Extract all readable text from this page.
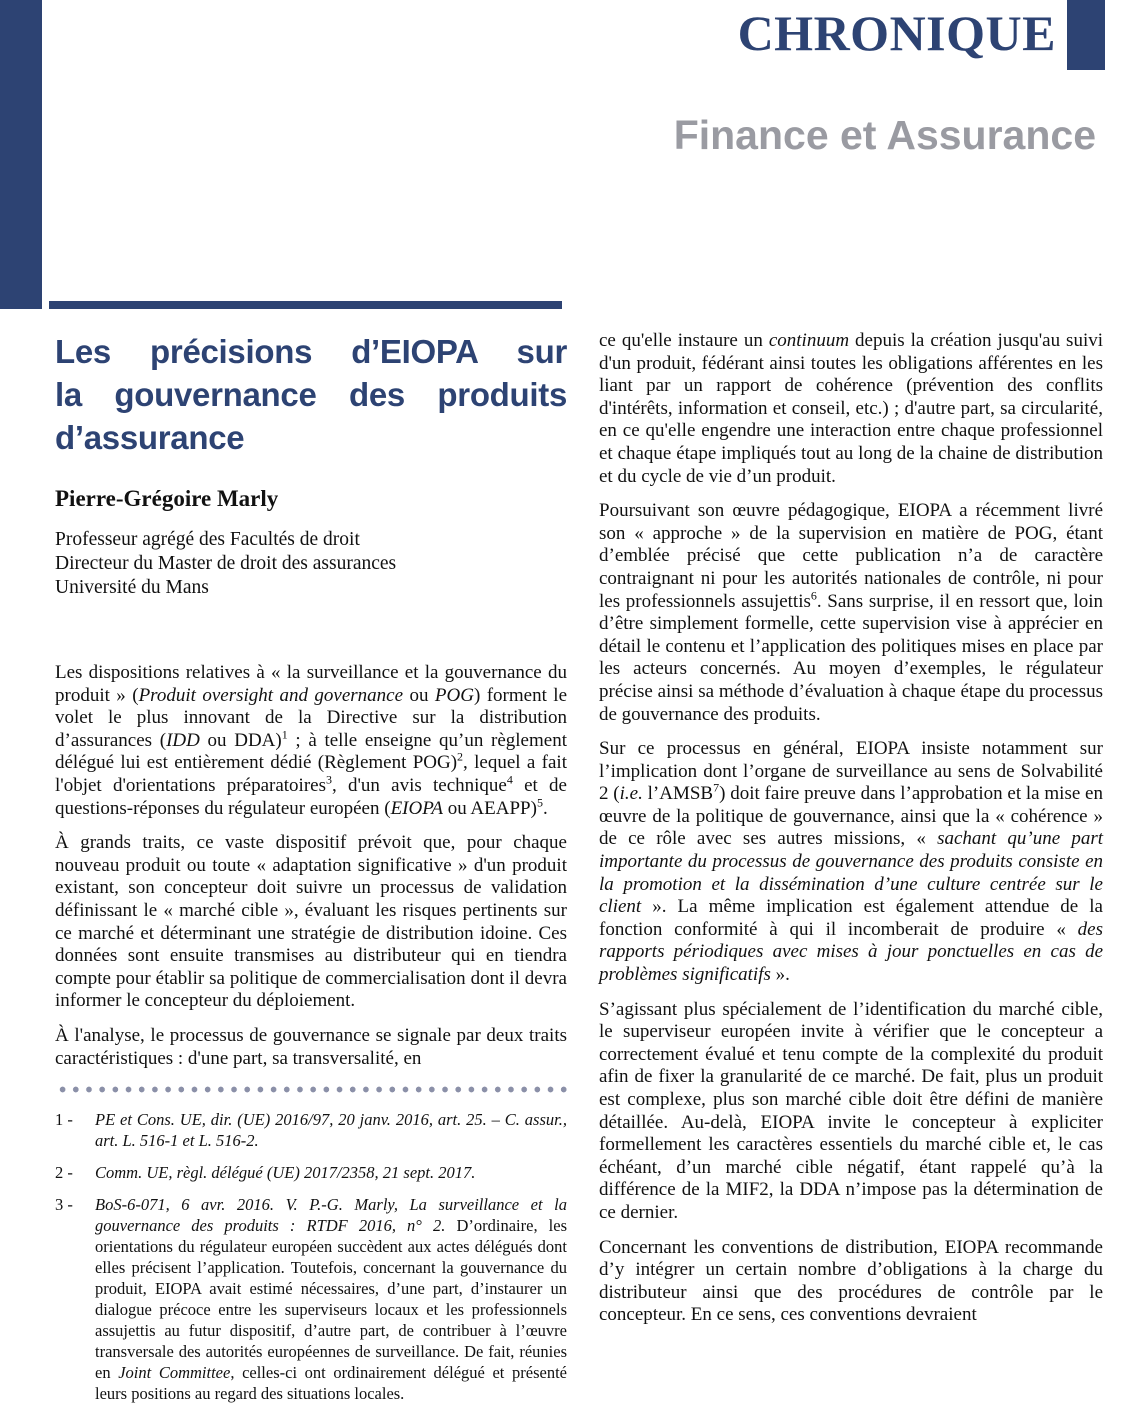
CHRONIQUE
Finance et Assurance
Les précisions d’EIOPA sur
la gouvernance des produits
d’assurance
Pierre-Grégoire Marly
Professeur agrégé des Facultés de droit
Directeur du Master de droit des assurances
Université du Mans

Les dispositions relatives à « la surveillance et la gouvernance du produit » (Produit oversight and governance ou POG) forment le volet le plus innovant de la Directive sur la distribution d’assurances (IDD ou DDA)$^1$ ; à telle enseigne qu’un règlement délégué lui est entièrement dédié (Règlement POG)$^2$, lequel a fait l'objet d'orientations préparatoires$^3$, d'un avis technique$^4$ et de questions-réponses du régulateur européen (EIOPA ou AEAPP)$^5$.

À grands traits, ce vaste dispositif prévoit que, pour chaque nouveau produit ou toute « adaptation significative » d'un produit existant, son concepteur doit suivre un processus de validation définissant le « marché cible », évaluant les risques pertinents sur ce marché et déterminant une stratégie de distribution idoine. Ces données sont ensuite transmises au distributeur qui en tiendra compte pour établir sa politique de commercialisation dont il devra informer le concepteur du déploiement.

À l'analyse, le processus de gouvernance se signale par deux traits caractéristiques : d'une part, sa transversalité, en

1 -	PE et Cons. UE, dir. (UE) 2016/97, 20 janv. 2016, art. 25. – C. assur., art. L. 516-1 et L. 516-2.
2 -	Comm. UE, règl. délégué (UE) 2017/2358, 21 sept. 2017.
3 -	BoS-6-071, 6 avr. 2016. V. P.-G. Marly, La surveillance et la gouvernance des produits : RTDF 2016, n° 2. D’ordinaire, les orientations du régulateur européen succèdent aux actes délégués dont elles précisent l’application. Toutefois, concernant la gouvernance du produit, EIOPA avait estimé nécessaires, d’une part, d’instaurer un dialogue précoce entre les superviseurs locaux et les professionnels assujettis au futur dispositif, d’autre part, de contribuer à l’œuvre transversale des autorités européennes de surveillance. De fait, réunies en Joint Committee, celles-ci ont ordinairement délégué et présenté leurs positions au regard des situations locales.

ce qu'elle instaure un continuum depuis la création jusqu'au suivi d'un produit, fédérant ainsi toutes les obligations afférentes en les liant par un rapport de cohérence (prévention des conflits d'intérêts, information et conseil, etc.) ; d'autre part, sa circularité, en ce qu'elle engendre une interaction entre chaque professionnel et chaque étape impliqués tout au long de la chaine de distribution et du cycle de vie d’un produit.

Poursuivant son œuvre pédagogique, EIOPA a récemment livré son « approche » de la supervision en matière de POG, étant d’emblée précisé que cette publication n’a de caractère contraignant ni pour les autorités nationales de contrôle, ni pour les professionnels assujettis$^6$. Sans surprise, il en ressort que, loin d’être simplement formelle, cette supervision vise à apprécier en détail le contenu et l’application des politiques mises en place par les acteurs concernés. Au moyen d’exemples, le régulateur précise ainsi sa méthode d’évaluation à chaque étape du processus de gouvernance des produits.

Sur ce processus en général, EIOPA insiste notamment sur l’implication dont l’organe de surveillance au sens de Solvabilité 2 (i.e. l’AMSB$^7$) doit faire preuve dans l’approbation et la mise en œuvre de la politique de gouvernance, ainsi que la « cohérence » de ce rôle avec ses autres missions, « sachant qu’une part importante du processus de gouvernance des produits consiste en la promotion et la dissémination d’une culture centrée sur le client ». La même implication est également attendue de la fonction conformité à qui il incomberait de produire « des rapports périodiques avec mises à jour ponctuelles en cas de problèmes significatifs ».

S’agissant plus spécialement de l’identification du marché cible, le superviseur européen invite à vérifier que le concepteur a correctement évalué et tenu compte de la complexité du produit afin de fixer la granularité de ce marché. De fait, plus un produit est complexe, plus son marché cible doit être défini de manière détaillée. Au-delà, EIOPA invite le concepteur à expliciter formellement les caractères essentiels du marché cible et, le cas échéant, d’un marché cible négatif, étant rappelé qu’à la différence de la MIF2, la DDA n’impose pas la détermination de ce dernier.

Concernant les conventions de distribution, EIOPA recommande d’y intégrer un certain nombre d’obligations à la charge du distributeur ainsi que des procédures de contrôle par le concepteur. En ce sens, ces conventions devraient
